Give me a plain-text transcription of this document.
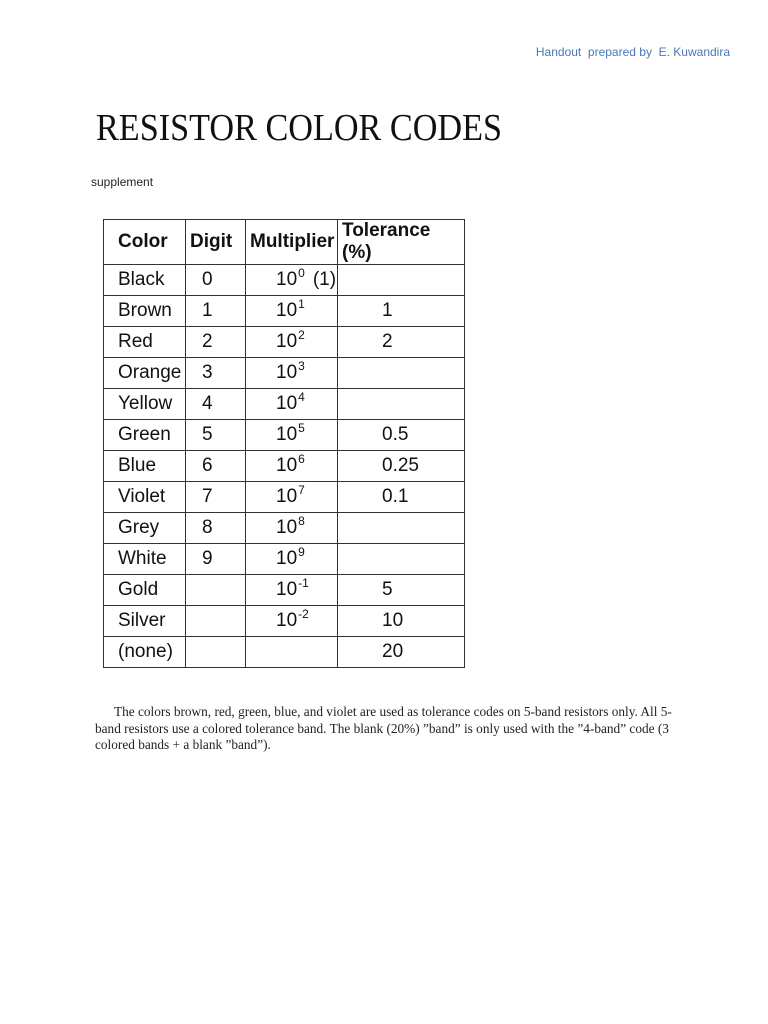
Handout  prepared by  E. Kuwandira
RESISTOR COLOR CODES
supplement
Color	Digit	Multiplier	Tolerance (%)
Black	0	$10^0$ (1)	
Brown	1	$10^1$	1
Red	2	$10^2$	2
Orange	3	$10^3$	
Yellow	4	$10^4$	
Green	5	$10^5$	0.5
Blue	6	$10^6$	0.25
Violet	7	$10^7$	0.1
Grey	8	$10^8$	
White	9	$10^9$	
Gold		$10^{-1}$	5
Silver		$10^{-2}$	10
(none)			20

The colors brown, red, green, blue, and violet are used as tolerance codes on 5-band resistors only. All 5-band resistors use a colored tolerance band. The blank (20%) ”band” is only used with the ”4-band” code (3 colored bands + a blank ”band”).
